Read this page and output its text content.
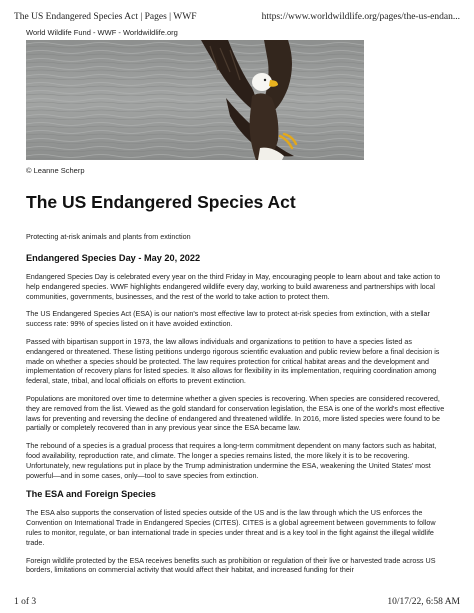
The US Endangered Species Act | Pages | WWF	https://www.worldwildlife.org/pages/the-us-endan...
World Wildlife Fund - WWF - Worldwildlife.org
© Leanne Scherp
The US Endangered Species Act
Protecting at-risk animals and plants from extinction
Endangered Species Day - May 20, 2022

Endangered Species Day is celebrated every year on the third Friday in May, encouraging people to learn about and take action to help endangered species. WWF highlights endangered wildlife every day, working to build awareness and partnerships with local communities, governments, businesses, and the rest of the world to take action to protect them.

The US Endangered Species Act (ESA) is our nation's most effective law to protect at-risk species from extinction, with a stellar success rate: 99% of species listed on it have avoided extinction.

Passed with bipartisan support in 1973, the law allows individuals and organizations to petition to have a species listed as endangered or threatened. These listing petitions undergo rigorous scientific evaluation and public review before a final decision is made on whether a species should be protected. The law requires protection for critical habitat areas and the development and implementation of recovery plans for listed species. It also allows for flexibility in its implementation, requiring coordination among federal, state, tribal, and local officials on efforts to prevent extinction.

Populations are monitored over time to determine whether a given species is recovering. When species are considered recovered, they are removed from the list. Viewed as the gold standard for conservation legislation, the ESA is one of the world's most effective laws for preventing and reversing the decline of endangered and threatened wildlife. In 2016, more listed species were found to be partially or completely recovered than in any previous year since the ESA became law.

The rebound of a species is a gradual process that requires a long-term commitment dependent on many factors such as habitat, food availability, reproduction rate, and climate. The longer a species remains listed, the more likely it is to be recovering. Unfortunately, new regulations put in place by the Trump administration undermine the ESA, weakening the United States' most powerful—and in some cases, only—tool to save species from extinction.

The ESA and Foreign Species

The ESA also supports the conservation of listed species outside of the US and is the law through which the US enforces the Convention on International Trade in Endangered Species (CITES). CITES is a global agreement between governments to follow rules to monitor, regulate, or ban international trade in species under threat and is a key tool in the fight against the illegal wildlife trade.

Foreign wildlife protected by the ESA receives benefits such as prohibition or regulation of their live or harvested trade across US borders, limitations on commercial activity that would affect their habitat, and increased funding for their

1 of 3	10/17/22, 6:58 AM
